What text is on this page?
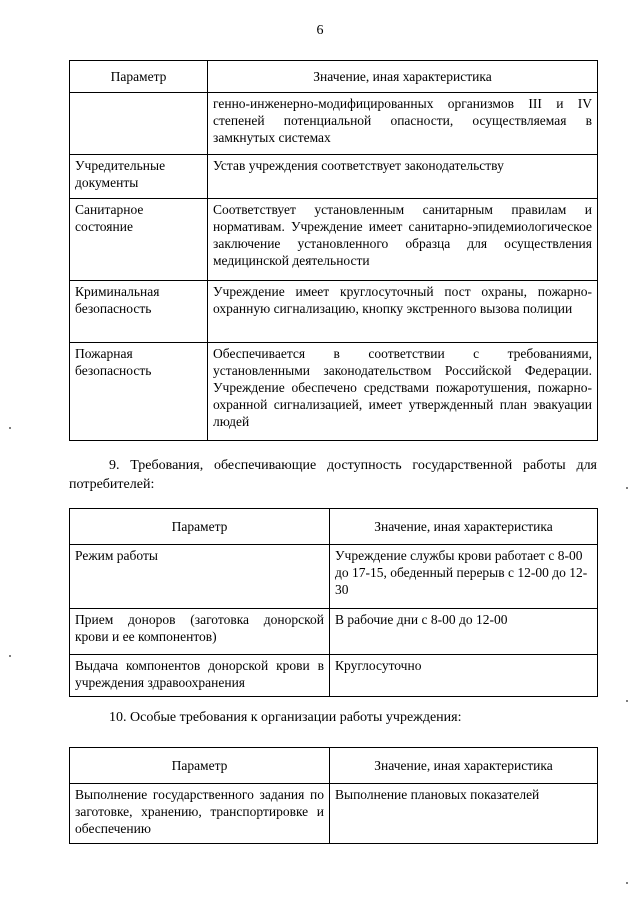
6
Параметр	Значение, иная характеристика
	генно-инженерно-модифицированных организмов III и IV степеней потенциальной опасности, осуществляемая в замкнутых системах
Учредительные документы	Устав учреждения соответствует законодательству
Санитарное состояние	Соответствует установленным санитарным правилам и нормативам. Учреждение имеет санитарно-эпидемиологическое заключение установленного образца для осуществления медицинской деятельности
Криминальная безопасность	Учреждение имеет круглосуточный пост охраны, пожарно-охранную сигнализацию, кнопку экстренного вызова полиции
Пожарная безопасность	Обеспечивается в соответствии с требованиями, установленными законодательством Российской Федерации. Учреждение обеспечено средствами пожаротушения, пожарно-охранной сигнализацией, имеет утвержденный план эвакуации людей
9. Требования, обеспечивающие доступность государственной работы для потребителей:
Параметр	Значение, иная характеристика
Режим работы	Учреждение службы крови работает с 8-00 до 17-15, обеденный перерыв с 12-00 до 12-30
Прием доноров (заготовка донорской крови и ее компонентов)	В рабочие дни с 8-00 до 12-00
Выдача компонентов донорской крови в учреждения здравоохранения	Круглосуточно
10. Особые требования к организации работы учреждения:
Параметр	Значение, иная характеристика
Выполнение государственного задания по заготовке, хранению, транспортировке и обеспечению	Выполнение плановых показателей
